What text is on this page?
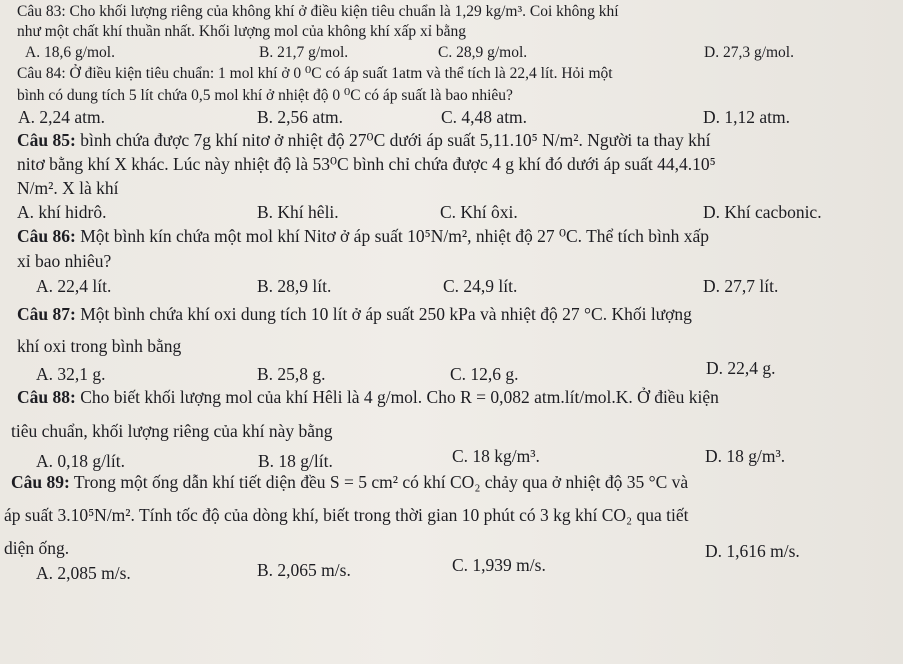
Câu 83: Cho khối lượng riêng của không khí ở điều kiện tiêu chuẩn là 1,29 kg/m³. Coi không khí
như một chất khí thuần nhất. Khối lượng mol của không khí xấp xỉ bằng
A. 18,6 g/mol.	B. 21,7 g/mol.	C. 28,9 g/mol.	D. 27,3 g/mol.
Câu 84: Ở điều kiện tiêu chuẩn: 1 mol khí ở 0 ⁰C có áp suất 1atm và thể tích là 22,4 lít. Hỏi một
bình có dung tích 5 lít chứa 0,5 mol khí ở nhiệt độ 0 ⁰C có áp suất là bao nhiêu?
A. 2,24 atm.	B. 2,56 atm.	C. 4,48 atm.	D. 1,12 atm.
Câu 85: bình chứa được 7g khí nitơ ở nhiệt độ 27⁰C dưới áp suất 5,11.10⁵ N/m². Người ta thay khí
nitơ bằng khí X khác. Lúc này nhiệt độ là 53⁰C bình chỉ chứa được 4 g khí đó dưới áp suất 44,4.10⁵
N/m². X là khí
A. khí hidrô.	B. Khí hêli.	C. Khí ôxi.	D. Khí cacbonic.
Câu 86: Một bình kín chứa một mol khí Nitơ ở áp suất 10⁵N/m², nhiệt độ 27 ⁰C. Thể tích bình xấp
xỉ bao nhiêu?
A. 22,4 lít.	B. 28,9 lít.	C. 24,9 lít.	D. 27,7 lít.
Câu 87: Một bình chứa khí oxi dung tích 10 lít ở áp suất 250 kPa và nhiệt độ 27 °C. Khối lượng
khí oxi trong bình bằng
A. 32,1 g.	B. 25,8 g.	C. 12,6 g.	D. 22,4 g.
Câu 88: Cho biết khối lượng mol của khí Hêli là 4 g/mol. Cho R = 0,082 atm.lít/mol.K. Ở điều kiện
tiêu chuẩn, khối lượng riêng của khí này bằng
A. 0,18 g/lít.	B. 18 g/lít.	C. 18 kg/m³.	D. 18 g/m³.
Câu 89: Trong một ống dẫn khí tiết diện đều S = 5 cm² có khí CO₂ chảy qua ở nhiệt độ 35 °C và
áp suất 3.10⁵N/m². Tính tốc độ của dòng khí, biết trong thời gian 10 phút có 3 kg khí CO₂ qua tiết
diện ống.
A. 2,085 m/s.	B. 2,065 m/s.	C. 1,939 m/s.
D. 1,616 m/s.
